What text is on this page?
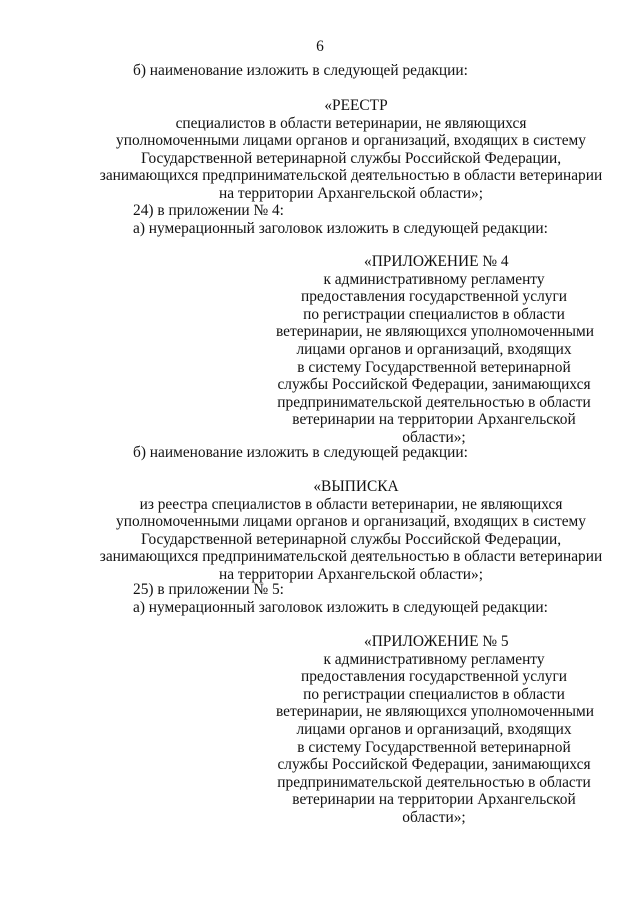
6
б) наименование изложить в следующей редакции:
«РЕЕСТР
специалистов в области ветеринарии, не являющихся
уполномоченными лицами органов и организаций, входящих в систему
Государственной ветеринарной службы Российской Федерации,
занимающихся предпринимательской деятельностью в области ветеринарии
на территории Архангельской области»;
24) в приложении № 4:
а) нумерационный заголовок изложить в следующей редакции:
«ПРИЛОЖЕНИЕ № 4
к административному регламенту
предоставления государственной услуги
по регистрации специалистов в области
ветеринарии, не являющихся уполномоченными
лицами органов и организаций, входящих
в систему Государственной ветеринарной
службы Российской Федерации, занимающихся
предпринимательской деятельностью в области
ветеринарии на территории Архангельской
области»;
б) наименование изложить в следующей редакции:
«ВЫПИСКА
из реестра специалистов в области ветеринарии, не являющихся
уполномоченными лицами органов и организаций, входящих в систему
Государственной ветеринарной службы Российской Федерации,
занимающихся предпринимательской деятельностью в области ветеринарии
на территории Архангельской области»;
25) в приложении № 5:
а) нумерационный заголовок изложить в следующей редакции:
«ПРИЛОЖЕНИЕ № 5
к административному регламенту
предоставления государственной услуги
по регистрации специалистов в области
ветеринарии, не являющихся уполномоченными
лицами органов и организаций, входящих
в систему Государственной ветеринарной
службы Российской Федерации, занимающихся
предпринимательской деятельностью в области
ветеринарии на территории Архангельской
области»;
